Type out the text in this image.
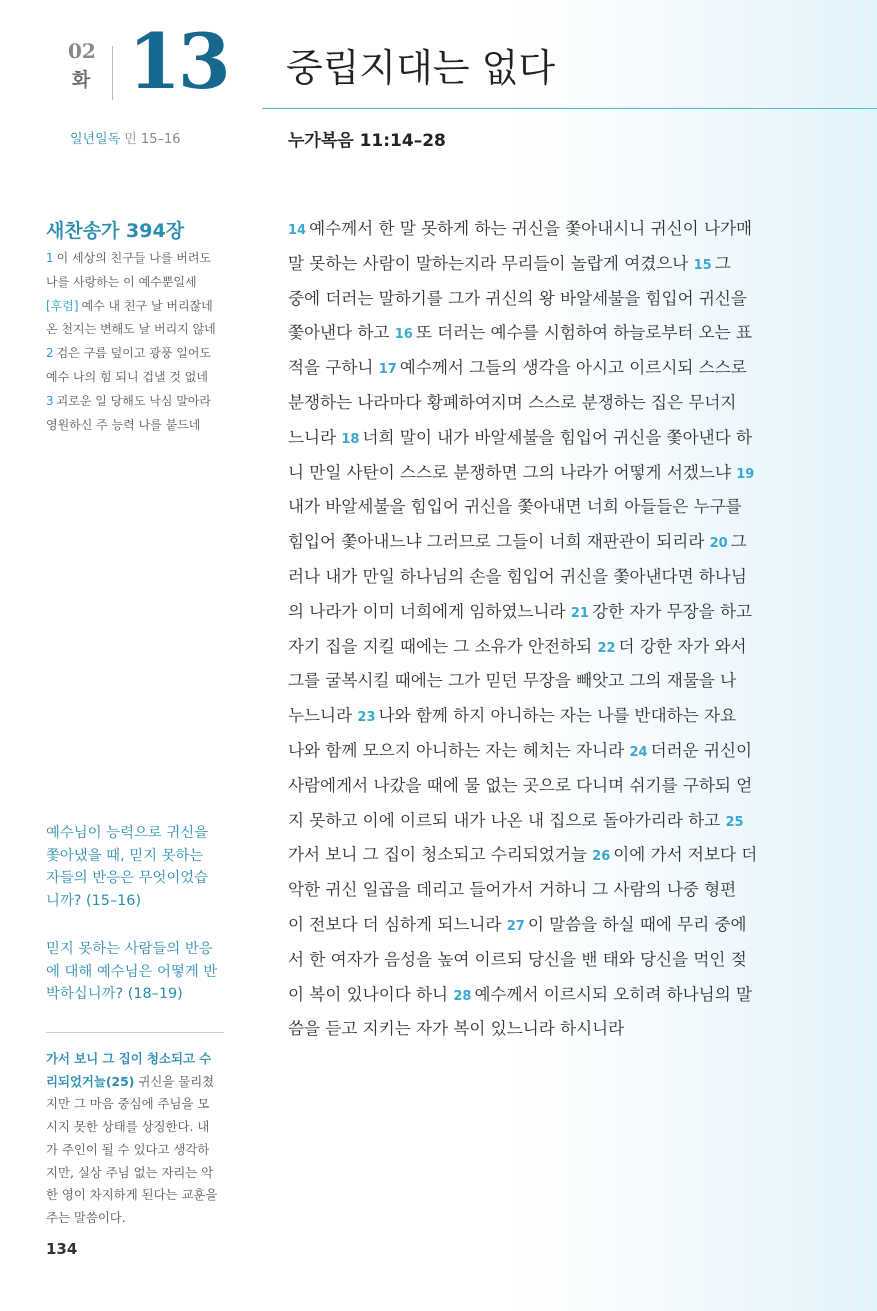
02
화 13 중립지대는 없다
일년일독 민 15–16	누가복음 11:14–28
새찬송가 394장
1 이 세상의 친구들 나를 버려도
나를 사랑하는 이 예수뿐일세
[후렴] 예수 내 친구 날 버리잖네
온 천지는 변해도 날 버리지 않네
2 검은 구름 덮이고 광풍 일어도
예수 나의 힘 되니 겁낼 것 없네
3 괴로운 일 당해도 낙심 말아라
영원하신 주 능력 나를 붙드네
예수님이 능력으로 귀신을
쫓아냈을 때, 믿지 못하는
자들의 반응은 무엇이었습
니까? (15–16)
믿지 못하는 사람들의 반응
에 대해 예수님은 어떻게 반
박하십니까? (18–19)
가서 보니 그 집이 청소되고 수
리되었거늘(25) 귀신을 물리쳤
지만 그 마음 중심에 주님을 모
시지 못한 상태를 상징한다. 내
가 주인이 될 수 있다고 생각하
지만, 실상 주님 없는 자리는 악
한 영이 차지하게 된다는 교훈을
주는 말씀이다.
134
14 예수께서 한 말 못하게 하는 귀신을 쫓아내시니 귀신이 나가매
말 못하는 사람이 말하는지라 무리들이 놀랍게 여겼으나 15 그
중에 더러는 말하기를 그가 귀신의 왕 바알세불을 힘입어 귀신을
쫓아낸다 하고 16 또 더러는 예수를 시험하여 하늘로부터 오는 표
적을 구하니 17 예수께서 그들의 생각을 아시고 이르시되 스스로
분쟁하는 나라마다 황폐하여지며 스스로 분쟁하는 집은 무너지
느니라 18 너희 말이 내가 바알세불을 힘입어 귀신을 쫓아낸다 하
니 만일 사탄이 스스로 분쟁하면 그의 나라가 어떻게 서겠느냐 19
내가 바알세불을 힘입어 귀신을 쫓아내면 너희 아들들은 누구를
힘입어 쫓아내느냐 그러므로 그들이 너희 재판관이 되리라 20 그
러나 내가 만일 하나님의 손을 힘입어 귀신을 쫓아낸다면 하나님
의 나라가 이미 너희에게 임하였느니라 21 강한 자가 무장을 하고
자기 집을 지킬 때에는 그 소유가 안전하되 22 더 강한 자가 와서
그를 굴복시킬 때에는 그가 믿던 무장을 빼앗고 그의 재물을 나
누느니라 23 나와 함께 하지 아니하는 자는 나를 반대하는 자요
나와 함께 모으지 아니하는 자는 헤치는 자니라 24 더러운 귀신이
사람에게서 나갔을 때에 물 없는 곳으로 다니며 쉬기를 구하되 얻
지 못하고 이에 이르되 내가 나온 내 집으로 돌아가리라 하고 25
가서 보니 그 집이 청소되고 수리되었거늘 26 이에 가서 저보다 더
악한 귀신 일곱을 데리고 들어가서 거하니 그 사람의 나중 형편
이 전보다 더 심하게 되느니라 27 이 말씀을 하실 때에 무리 중에
서 한 여자가 음성을 높여 이르되 당신을 밴 태와 당신을 먹인 젖
이 복이 있나이다 하니 28 예수께서 이르시되 오히려 하나님의 말
씀을 듣고 지키는 자가 복이 있느니라 하시니라
